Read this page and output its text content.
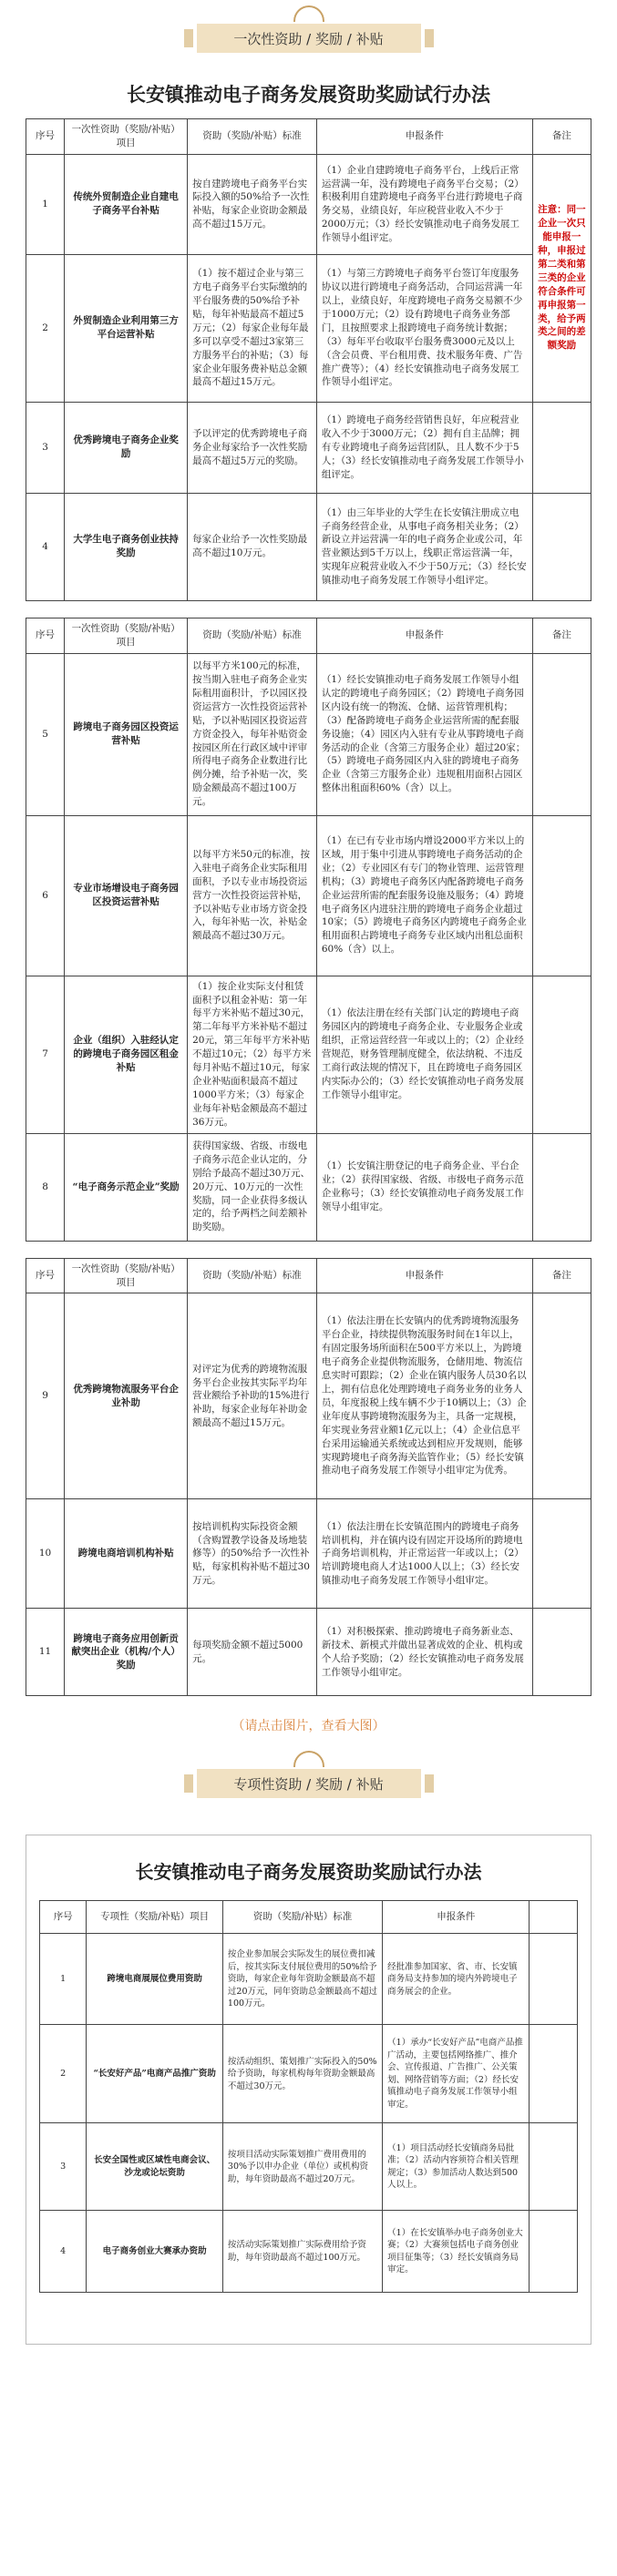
一次性资助 / 奖励 / 补贴
长安镇推动电子商务发展资助奖励试行办法
序号	一次性资助（奖励/补贴）项目	资助（奖励/补贴）标准	申报条件	备注
1	传统外贸制造企业自建电子商务平台补贴	按自建跨境电子商务平台实际投入额的50%给予一次性补贴，每家企业资助金额最高不超过15万元。	（1）企业自建跨境电子商务平台，上线后正常运营满一年，没有跨境电子商务平台交易；（2）积极利用自建跨境电子商务平台进行跨境电子商务交易，业绩良好，年应税营业收入不少于2000万元；（3）经长安镇推动电子商务发展工作领导小组评定。	注意：同一企业一次只能申报一种，申报过第二类和第三类的企业符合条件可再申报第一类，给予两类之间的差额奖励
2	外贸制造企业利用第三方平台运营补贴	（1）按不超过企业与第三方电子商务平台实际缴纳的平台服务费的50%给予补贴，每年补贴最高不超过5万元；（2）每家企业每年最多可以享受不超过3家第三方服务平台的补贴；（3）每家企业年服务费补贴总金额最高不超过15万元。	（1）与第三方跨境电子商务平台签订年度服务协议以进行跨境电子商务活动，合同运营满一年以上，业绩良好，年度跨境电子商务交易额不少于1000万元；（2）设有跨境电子商务业务部门，且按照要求上报跨境电子商务统计数据；（3）每年平台收取平台服务费3000元及以上（含会员费、平台租用费、技术服务年费、广告推广费等）；（4）经长安镇推动电子商务发展工作领导小组评定。	
3	优秀跨境电子商务企业奖励	予以评定的优秀跨境电子商务企业每家给予一次性奖励最高不超过5万元的奖励。	（1）跨境电子商务经营销售良好，年应税营业收入不少于3000万元；（2）拥有自主品牌；拥有专业跨境电子商务运营团队，且人数不少于5人；（3）经长安镇推动电子商务发展工作领导小组评定。	
4	大学生电子商务创业扶持奖励	每家企业给予一次性奖励最高不超过10万元。	（1）由三年毕业的大学生在长安镇注册成立电子商务经营企业，从事电子商务相关业务；（2）新设立并运营满一年的电子商务企业或公司，年营业额达到5千万以上，线职正常运营满一年，实现年应税营业收入不少于50万元；（3）经长安镇推动电子商务发展工作领导小组评定。	
序号	一次性资助（奖励/补贴）项目	资助（奖励/补贴）标准	申报条件	备注
5	跨境电子商务园区投资运营补贴	以每平方米100元的标准，按当期入驻电子商务企业实际租用面积计，予以园区投资运营方一次性投资运营补贴，予以补贴园区投资运营方资金投入，每年补贴资金按园区所在行政区域中评审所得电子商务企业数进行比例分摊，给予补贴一次，奖励金额最高不超过100万元。	（1）经长安镇推动电子商务发展工作领导小组认定的跨境电子商务园区；（2）跨境电子商务园区内设有统一的物流、仓储、运营管理机构；（3）配备跨境电子商务企业运营所需的配套服务设施；（4）园区内入驻有专业从事跨境电子商务活动的企业（含第三方服务企业）超过20家；（5）跨境电子商务园区内入驻的跨境电子商务企业（含第三方服务企业）违规租用面积占园区整体出租面积60%（含）以上。	
6	专业市场增设电子商务园区投资运营补贴	以每平方米50元的标准，按入驻电子商务企业实际租用面积，予以专业市场投资运营方一次性投资运营补贴，予以补贴专业市场方资金投入，每年补贴一次，补贴金额最高不超过30万元。	（1）在已有专业市场内增设2000平方米以上的区域，用于集中引进从事跨境电子商务活动的企业；（2）专业园区有专门的物业管理、运营管理机构；（3）跨境电子商务区内配备跨境电子商务企业运营所需的配套服务设施及服务；（4）跨境电子商务区内进驻注册的跨境电子商务企业超过10家；（5）跨境电子商务区内跨境电子商务企业租用面积占跨境电子商务专业区域内出租总面积60%（含）以上。	
7	企业（组织）入驻经认定的跨境电子商务园区租金补贴	（1）按企业实际支付租赁面积予以租金补贴：第一年每平方米补贴不超过30元，第二年每平方米补贴不超过20元，第三年每平方米补贴不超过10元；（2）每平方米每月补贴不超过10元，每家企业补贴面积最高不超过1000平方米；（3）每家企业每年补贴金额最高不超过36万元。	（1）依法注册在经有关部门认定的跨境电子商务园区内的跨境电子商务企业、专业服务企业或组织，正常运营经营一年或以上的；（2）企业经营规范，财务管理制度健全，依法纳税、不违反工商行政法规的情况下，且在跨境电子商务园区内实际办公的；（3）经长安镇推动电子商务发展工作领导小组审定。	
8	“电子商务示范企业”奖励	获得国家级、省级、市级电子商务示范企业认定的，分别给予最高不超过30万元、20万元、10万元的一次性奖励，同一企业获得多级认定的，给予两档之间差额补助奖励。	（1）长安镇注册登记的电子商务企业、平台企业；（2）获得国家级、省级、市级电子商务示范企业称号；（3）经长安镇推动电子商务发展工作领导小组审定。	
序号	一次性资助（奖励/补贴）项目	资助（奖励/补贴）标准	申报条件	备注
9	优秀跨境物流服务平台企业补助	对评定为优秀的跨境物流服务平台企业按其实际平均年营业额给予补助的15%进行补助，每家企业每年补助金额最高不超过15万元。	（1）依法注册在长安镇内的优秀跨境物流服务平台企业，持续提供物流服务时间在1年以上，有固定服务场所面积在500平方米以上，为跨境电子商务企业提供物流服务，仓储用地、物流信息实时可跟踪；（2）企业在镇内服务人员30名以上，拥有信息化处理跨境电子商务业务的业务人员，年度报税上线车辆不少于10辆以上；（3）企业年度从事跨境物流服务为主，具备一定规模，年实现业务营业额1亿元以上；（4）企业信息平台采用运输通关系统或达到相应开发规则，能够实现跨境电子商务海关监管作业；（5）经长安镇推动电子商务发展工作领导小组审定为优秀。	
10	跨境电商培训机构补贴	按培训机构实际投资金额（含购置教学设备及场地装修等）的50%给予一次性补贴，每家机构补贴不超过30万元。	（1）依法注册在长安镇范围内的跨境电子商务培训机构，并在镇内设有固定开设场所的跨境电子商务培训机构，并正常运营一年或以上；（2）培训跨境电商人才达1000人以上；（3）经长安镇推动电子商务发展工作领导小组审定。	
11	跨境电子商务应用创新贡献突出企业（机构/个人）奖励	每项奖励金额不超过5000元。	（1）对积极探索、推动跨境电子商务新业态、新技术、新模式并做出显著成效的企业、机构或个人给予奖励；（2）经长安镇推动电子商务发展工作领导小组审定。	
（请点击图片，查看大图）
专项性资助 / 奖励 / 补贴
长安镇推动电子商务发展资助奖励试行办法
序号	专项性（奖励/补贴）项目	资助（奖励/补贴）标准	申报条件	
1	跨境电商展展位费用资助	按企业参加展会实际发生的展位费扣减后，按其实际支付展位费用的50%给予资助，每家企业每年资助金额最高不超过20万元，同年资助总金额最高不超过100万元。	经批准参加国家、省、市、长安镇商务局支持参加的境内外跨境电子商务展会的企业。	
2	“长安好产品”电商产品推广资助	按活动组织、策划推广实际投入的50%给予资助，每家机构每年资助金额最高不超过30万元。	（1）承办“长安好产品”电商产品推广活动，主要包括网络推广、推介会、宣传报道、广告推广、公关策划、网络营销等方面；（2）经长安镇推动电子商务发展工作领导小组审定。	
3	长安全国性或区域性电商会议、沙龙或论坛资助	按项目活动实际策划推广费用费用的30%予以申办企业（单位）或机构资助，每年资助最高不超过20万元。	（1）项目活动经长安镇商务局批准；（2）活动内容须符合相关管理规定；（3）参加活动人数达到500人以上。	
4	电子商务创业大赛承办资助	按活动实际策划推广实际费用给予资助，每年资助最高不超过100万元。	（1）在长安镇举办电子商务创业大赛；（2）大赛须包括电子商务创业项目征集等；（3）经长安镇商务局审定。	
